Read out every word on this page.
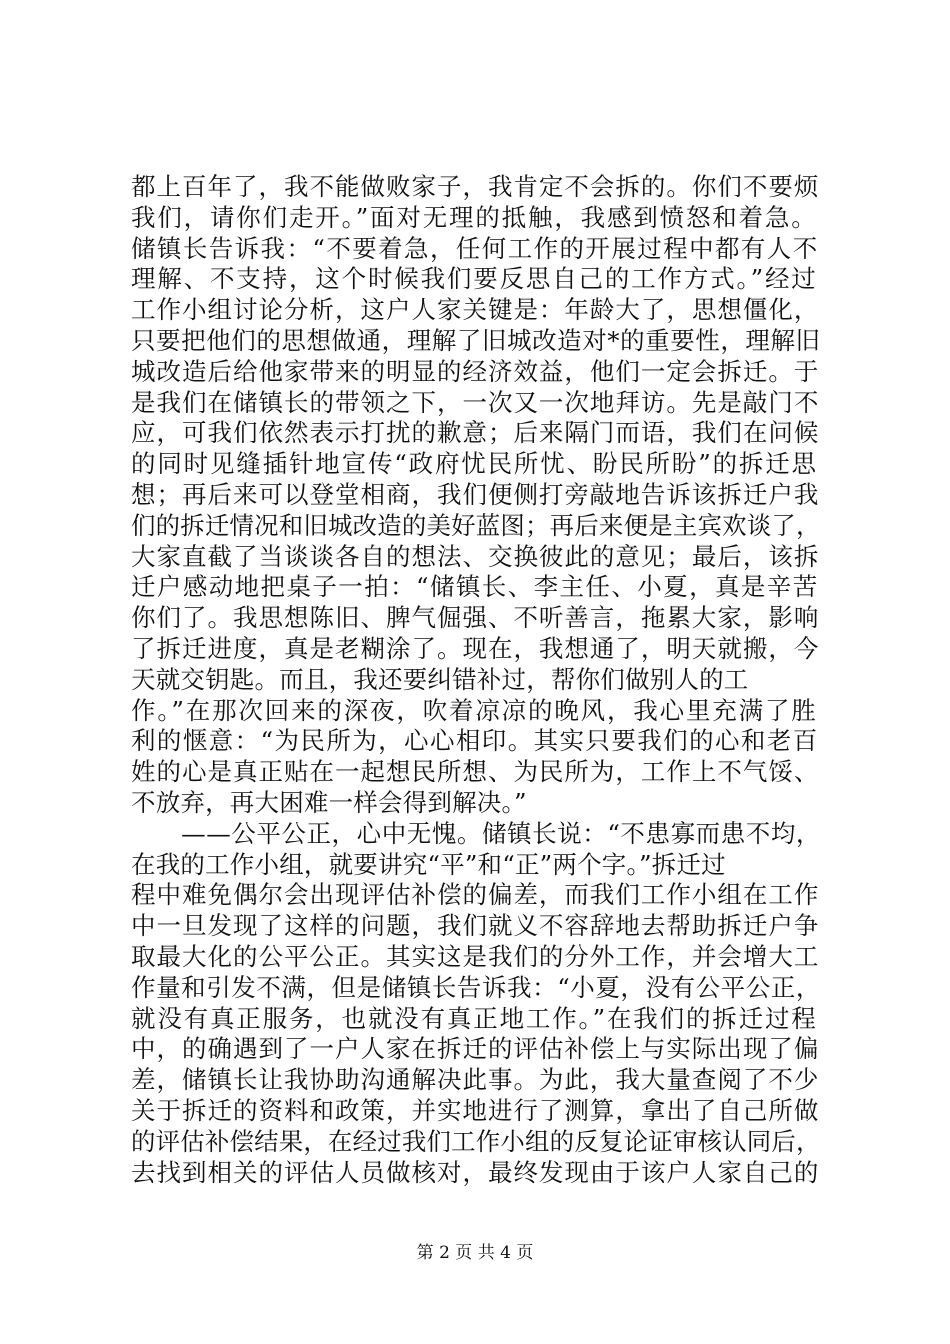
都上百年了，我不能做败家子，我肯定不会拆的。你们不要烦
我们，请你们走开。”面对无理的抵触，我感到愤怒和着急。
储镇长告诉我：“不要着急，任何工作的开展过程中都有人不
理解、不支持，这个时候我们要反思自己的工作方式。”经过
工作小组讨论分析，这户人家关键是：年龄大了，思想僵化，
只要把他们的思想做通，理解了旧城改造对*的重要性，理解旧
城改造后给他家带来的明显的经济效益，他们一定会拆迁。于
是我们在储镇长的带领之下，一次又一次地拜访。先是敲门不
应，可我们依然表示打扰的歉意；后来隔门而语，我们在问候
的同时见缝插针地宣传“政府忧民所忧、盼民所盼”的拆迁思
想；再后来可以登堂相商，我们便侧打旁敲地告诉该拆迁户我
们的拆迁情况和旧城改造的美好蓝图；再后来便是主宾欢谈了，
大家直截了当谈谈各自的想法、交换彼此的意见；最后，该拆
迁户感动地把桌子一拍：“储镇长、李主任、小夏，真是辛苦
你们了。我思想陈旧、脾气倔强、不听善言，拖累大家，影响
了拆迁进度，真是老糊涂了。现在，我想通了，明天就搬，今
天就交钥匙。而且，我还要纠错补过，帮你们做别人的工
作。”在那次回来的深夜，吹着凉凉的晚风，我心里充满了胜
利的惬意：“为民所为，心心相印。其实只要我们的心和老百
姓的心是真正贴在一起想民所想、为民所为，工作上不气馁、
不放弃，再大困难一样会得到解决。”
　　——公平公正，心中无愧。储镇长说：“不患寡而患不均，
在我的工作小组，就要讲究“平”和“正”两个字。”拆迁过
程中难免偶尔会出现评估补偿的偏差，而我们工作小组在工作
中一旦发现了这样的问题，我们就义不容辞地去帮助拆迁户争
取最大化的公平公正。其实这是我们的分外工作，并会增大工
作量和引发不满，但是储镇长告诉我：“小夏，没有公平公正，
就没有真正服务，也就没有真正地工作。”在我们的拆迁过程
中，的确遇到了一户人家在拆迁的评估补偿上与实际出现了偏
差，储镇长让我协助沟通解决此事。为此，我大量查阅了不少
关于拆迁的资料和政策，并实地进行了测算，拿出了自己所做
的评估补偿结果，在经过我们工作小组的反复论证审核认同后，
去找到相关的评估人员做核对，最终发现由于该户人家自己的
第 2 页 共 4 页
